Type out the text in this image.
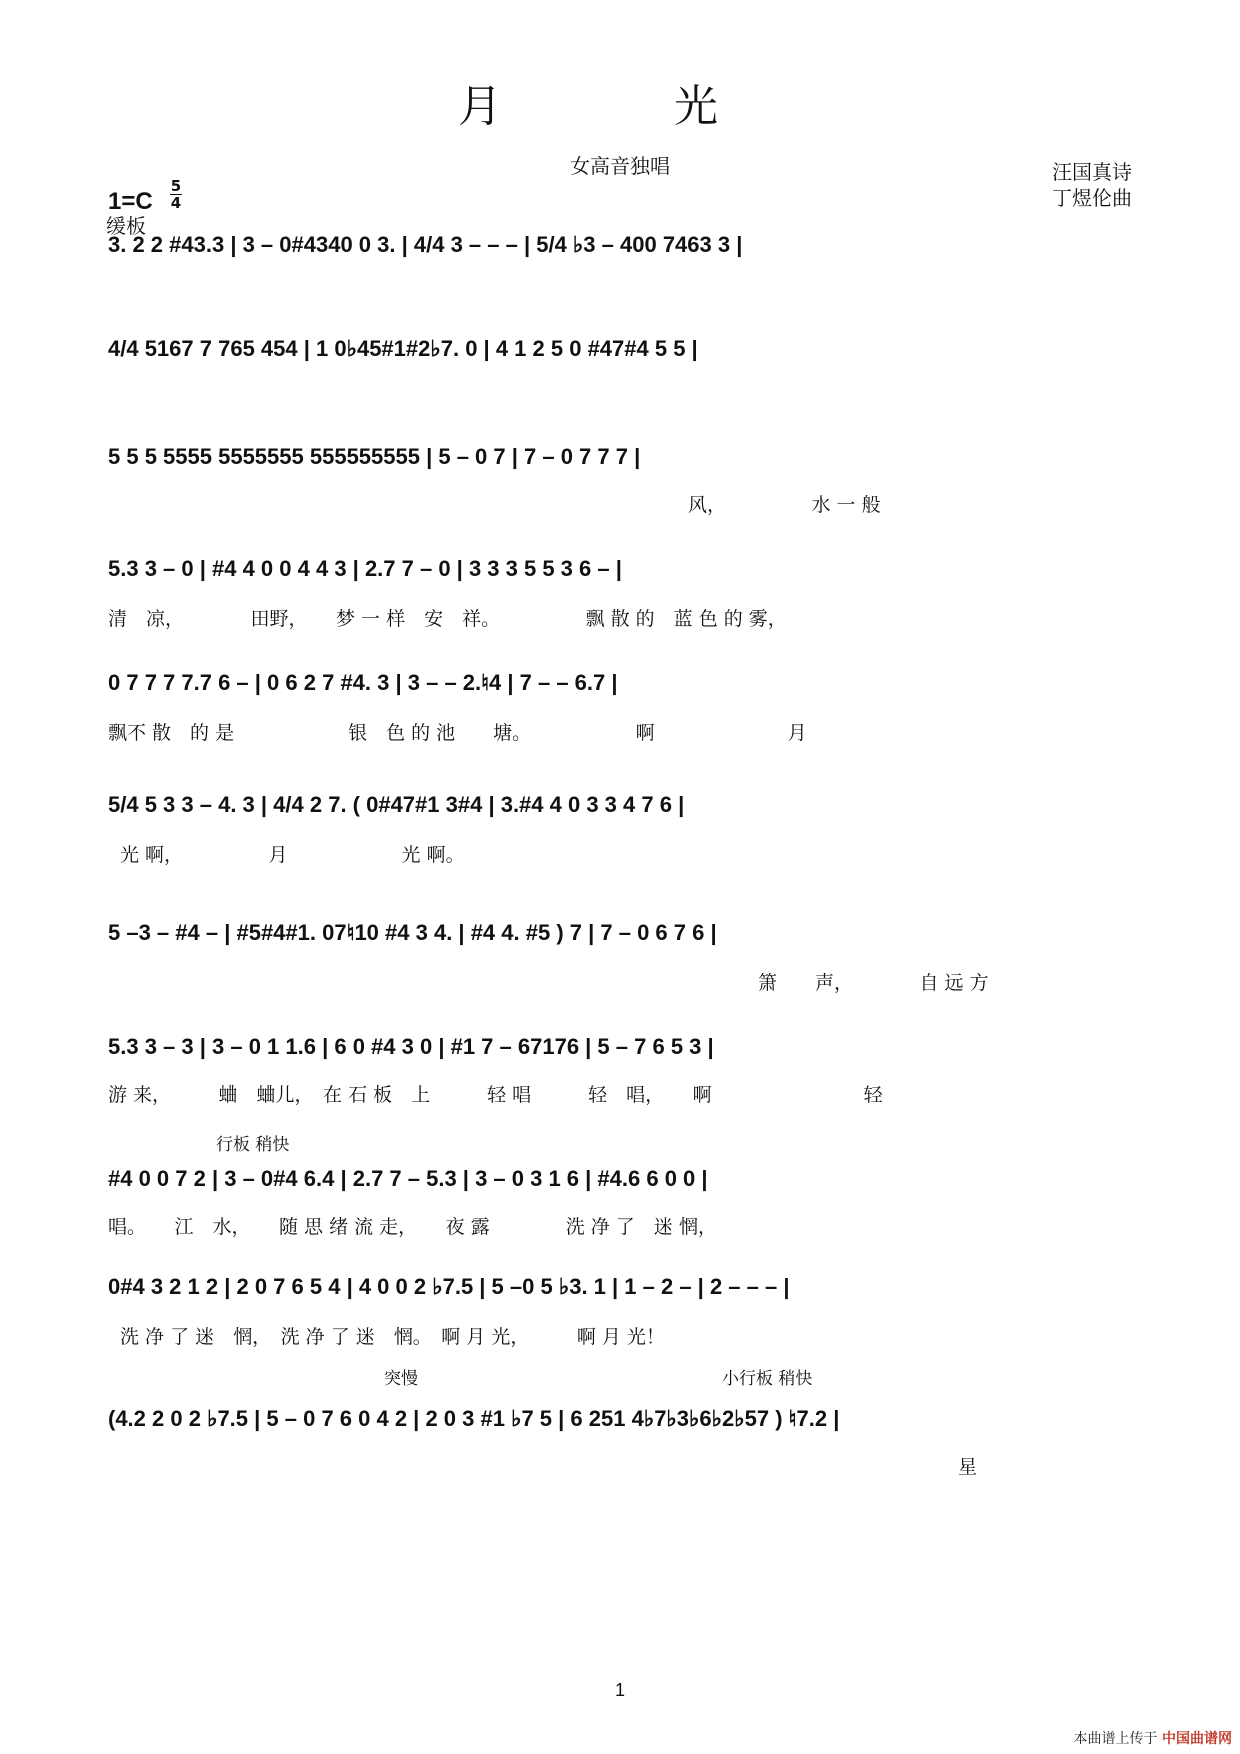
月　光
女高音独唱
1=C
5
4
缓板
汪国真诗
丁煜伦曲
3. 2 2 #43.3 | 3 – 0#4340 0 3. | 4/4 3 – – – | 5/4 ♭3 – 400 7463 3 |
4/4 5167 7 765 454 | 1 0♭45#1#2♭7. 0 | 4 1 2 5 0 #47#4 5 5 |
5 5 5 5555 5555555 555555555 | 5 – 0 7 | 7 – 0 7 7 7 |
风，　　　　　水 一 般
5.3 3 – 0 | #4 4 0 0 4 4 3 | 2.7 7 – 0 | 3 3 3 5 5 3 6 – |
清　凉，　　　　田野，　　梦 一 样　安　祥。　　　　　飘 散 的　蓝 色 的 雾，
0 7 7 7 7.7 6 – | 0 6 2 7 #4. 3 | 3 – – 2.♮4 | 7 – – 6.7 |
飘不 散　的 是　　　　　　银　色 的 池　　塘。　　　　　　啊　　　　　　　月
5/4 5 3 3 – 4. 3 | 4/4 2 7. ( 0#47#1 3#4 | 3.#4 4 0 3 3 4 7 6 |
光 啊，　　　　　月　　　　　　光 啊。
5 –3 – #4 – | #5#4#1. 07♮10 #4 3 4. | #4 4. #5 ) 7 | 7 – 0 6 7 6 |
箫　　声，　　　　自 远 方
5.3 3 – 3 | 3 – 0 1 1.6 | 6 0 #4 3 0 | #1 7 – 67176 | 5 – 7 6 5 3 |
游 来，　　　蛐　蛐儿，　在 石 板　上　　　轻 唱　　　轻　唱，　　啊　　　　　　　　轻
行板 稍快
#4 0 0 7 2 | 3 – 0#4 6.4 | 2.7 7 – 5.3 | 3 – 0 3 1 6 | #4.6 6 0 0 |
唱。　　江　水，　　随 思 绪 流 走，　　夜 露　　　　洗 净 了　迷 惘，
0#4 3 2 1 2 | 2 0 7 6 5 4 | 4 0 0 2 ♭7.5 | 5 –0 5 ♭3. 1 | 1 – 2 – | 2 – – – |
洗 净 了 迷　惘，　洗 净 了 迷　惘。　啊 月 光，　　　啊 月 光！
突慢	小行板 稍快
(4.2 2 0 2 ♭7.5 | 5 – 0 7 6 0 4 2 | 2 0 3 #1 ♭7 5 | 6 251 4♭7♭3♭6♭2♭57 ) ♮7.2 |
星
1
本曲谱上传于 中国曲谱网
